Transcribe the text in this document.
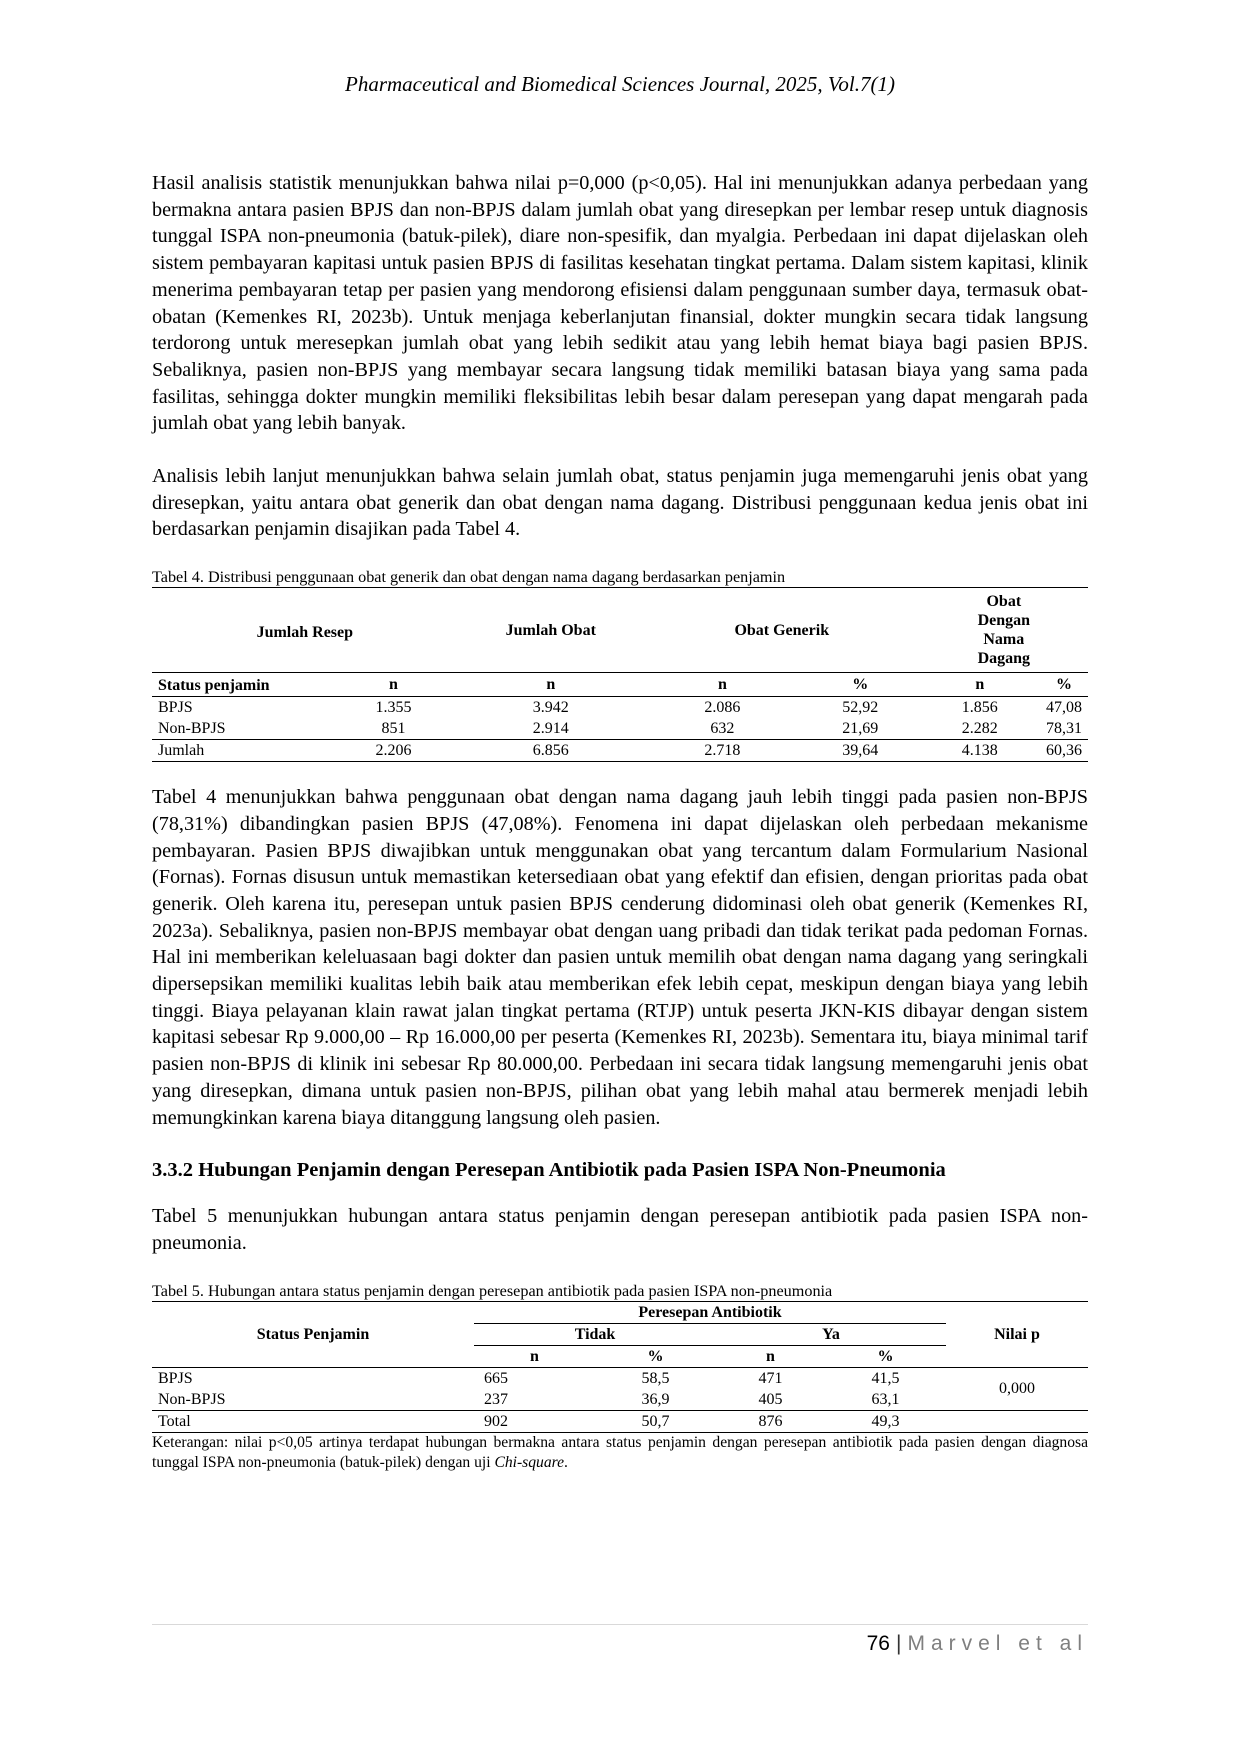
Pharmaceutical and Biomedical Sciences Journal, 2025, Vol.7(1)

Hasil analisis statistik menunjukkan bahwa nilai p=0,000 (p<0,05). Hal ini menunjukkan adanya perbedaan yang bermakna antara pasien BPJS dan non-BPJS dalam jumlah obat yang diresepkan per lembar resep untuk diagnosis tunggal ISPA non-pneumonia (batuk-pilek), diare non-spesifik, dan myalgia. Perbedaan ini dapat dijelaskan oleh sistem pembayaran kapitasi untuk pasien BPJS di fasilitas kesehatan tingkat pertama. Dalam sistem kapitasi, klinik menerima pembayaran tetap per pasien yang mendorong efisiensi dalam penggunaan sumber daya, termasuk obat-obatan (Kemenkes RI, 2023b). Untuk menjaga keberlanjutan finansial, dokter mungkin secara tidak langsung terdorong untuk meresepkan jumlah obat yang lebih sedikit atau yang lebih hemat biaya bagi pasien BPJS. Sebaliknya, pasien non-BPJS yang membayar secara langsung tidak memiliki batasan biaya yang sama pada fasilitas, sehingga dokter mungkin memiliki fleksibilitas lebih besar dalam peresepan yang dapat mengarah pada jumlah obat yang lebih banyak.

Analisis lebih lanjut menunjukkan bahwa selain jumlah obat, status penjamin juga memengaruhi jenis obat yang diresepkan, yaitu antara obat generik dan obat dengan nama dagang. Distribusi penggunaan kedua jenis obat ini berdasarkan penjamin disajikan pada Tabel 4.

Tabel 4. Distribusi penggunaan obat generik dan obat dengan nama dagang berdasarkan penjamin

Jumlah Resep		Jumlah Obat	Obat Generik		Obat Dengan Nama Dagang	
Status penjamin	n	n	n	%	n	%
BPJS	1.355	3.942	2.086	52,92	1.856	47,08
Non-BPJS	851	2.914	632	21,69	2.282	78,31
Jumlah	2.206	6.856	2.718	39,64	4.138	60,36

Tabel 4 menunjukkan bahwa penggunaan obat dengan nama dagang jauh lebih tinggi pada pasien non-BPJS (78,31%) dibandingkan pasien BPJS (47,08%). Fenomena ini dapat dijelaskan oleh perbedaan mekanisme pembayaran. Pasien BPJS diwajibkan untuk menggunakan obat yang tercantum dalam Formularium Nasional (Fornas). Fornas disusun untuk memastikan ketersediaan obat yang efektif dan efisien, dengan prioritas pada obat generik. Oleh karena itu, peresepan untuk pasien BPJS cenderung didominasi oleh obat generik (Kemenkes RI, 2023a). Sebaliknya, pasien non-BPJS membayar obat dengan uang pribadi dan tidak terikat pada pedoman Fornas. Hal ini memberikan keleluasaan bagi dokter dan pasien untuk memilih obat dengan nama dagang yang seringkali dipersepsikan memiliki kualitas lebih baik atau memberikan efek lebih cepat, meskipun dengan biaya yang lebih tinggi. Biaya pelayanan klain rawat jalan tingkat pertama (RTJP) untuk peserta JKN-KIS dibayar dengan sistem kapitasi sebesar Rp 9.000,00 – Rp 16.000,00 per peserta (Kemenkes RI, 2023b). Sementara itu, biaya minimal tarif pasien non-BPJS di klinik ini sebesar Rp 80.000,00. Perbedaan ini secara tidak langsung memengaruhi jenis obat yang diresepkan, dimana untuk pasien non-BPJS, pilihan obat yang lebih mahal atau bermerek menjadi lebih memungkinkan karena biaya ditanggung langsung oleh pasien.

3.3.2 Hubungan Penjamin dengan Peresepan Antibiotik pada Pasien ISPA Non-Pneumonia

Tabel 5 menunjukkan hubungan antara status penjamin dengan peresepan antibiotik pada pasien ISPA non-pneumonia.

Tabel 5. Hubungan antara status penjamin dengan peresepan antibiotik pada pasien ISPA non-pneumonia

Status Penjamin	Peresepan Antibiotik				Nilai p
	Tidak		Ya		
	n	%	n	%	
BPJS	665	58,5	471	41,5	0,000
Non-BPJS	237	36,9	405	63,1	
Total	902	50,7	876	49,3	

Keterangan: nilai p<0,05 artinya terdapat hubungan bermakna antara status penjamin dengan peresepan antibiotik pada pasien dengan diagnosa tunggal ISPA non-pneumonia (batuk-pilek) dengan uji Chi-square.

76 | Marvel et al
